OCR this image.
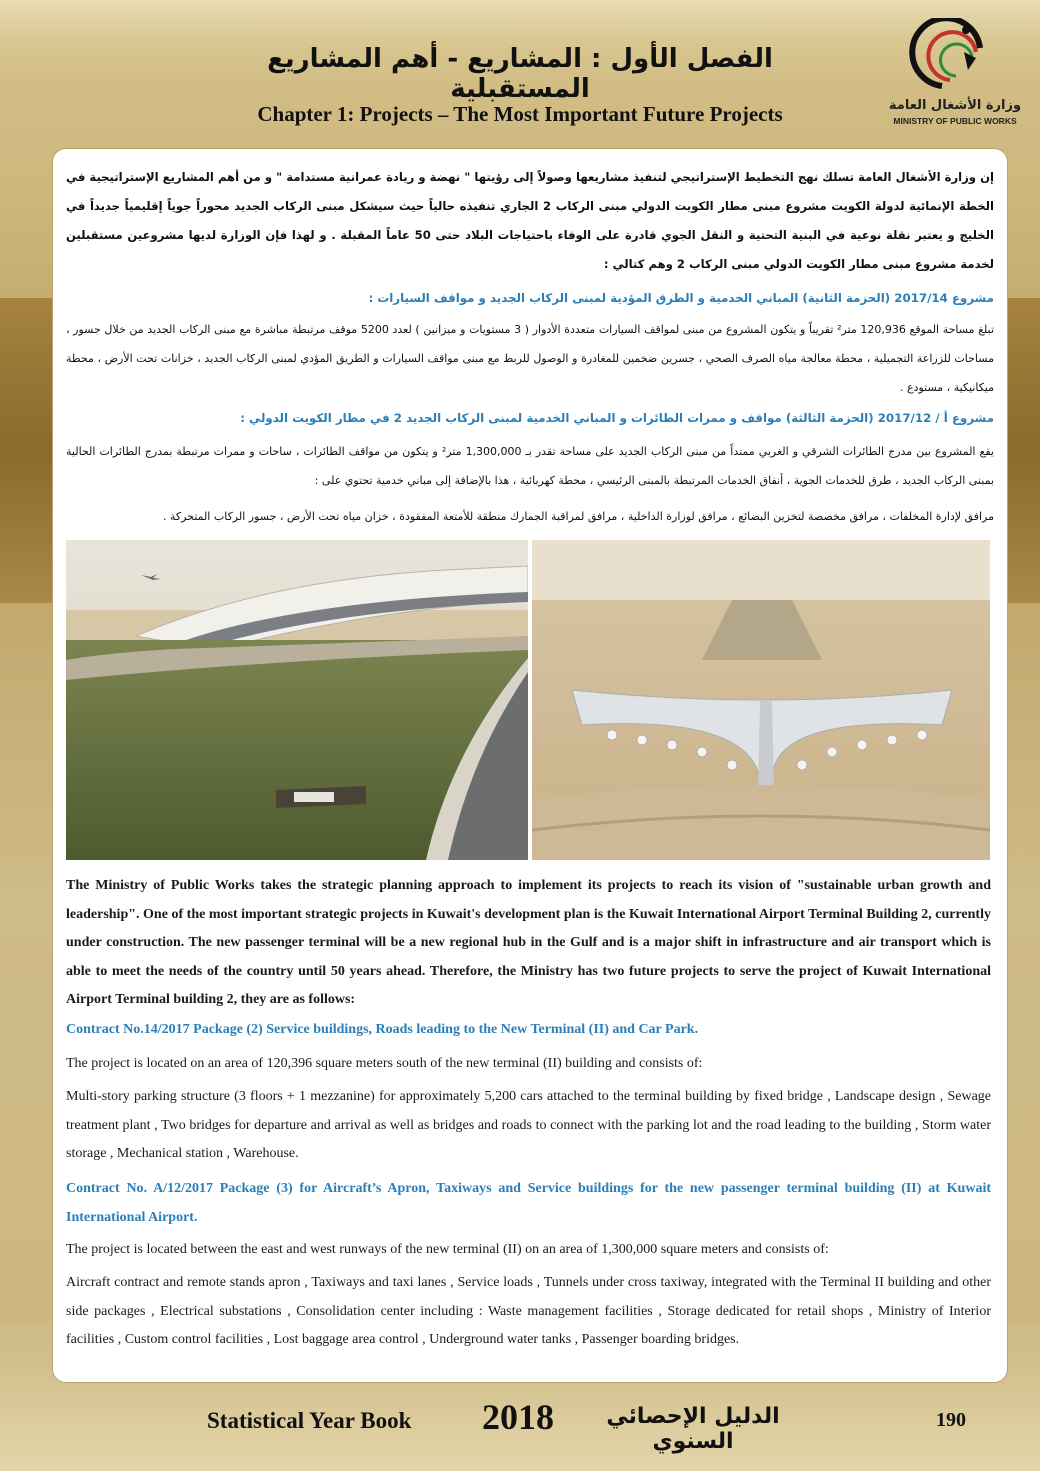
الفصل الأول : المشاريع - أهم المشاريع المستقبلية
Chapter 1: Projects – The Most Important Future Projects	وزارة الأشغال العامة
MINISTRY OF PUBLIC WORKS
إن وزارة الأشغال العامة تسلك نهج التخطيط الإستراتيجي لتنفيذ مشاريعها وصولاً إلى رؤيتها " نهضة و ريادة عمرانية مستدامة " و من أهم المشاريع الإستراتيجية في الخطة الإنمائية لدولة الكويت مشروع مبنى مطار الكويت الدولي مبنى الركاب 2 الجاري تنفيذه حالياً حيث سيشكل مبنى الركاب الجديد محوراً جوياً إقليمياً جديداً في الخليج و يعتبر نقلة نوعية في البنية التحتية و النقل الجوي قادرة على الوفاء باحتياجات البلاد حتى 50 عاماً المقبلة . و لهذا فإن الوزارة لديها مشروعين مستقبلين لخدمة مشروع مبنى مطار الكويت الدولي مبنى الركاب 2 وهم كتالي :
مشروع 2017/14 (الحزمة الثانية) المباني الخدمية و الطرق المؤدية لمبنى الركاب الجديد و مواقف السيارات :
تبلغ مساحة الموقع 120,936 متر² تقريباً و يتكون المشروع من مبنى لمواقف السيارات متعددة الأدوار ( 3 مستويات و ميزانين ) لعدد 5200 موقف مرتبطة مباشرة مع مبنى الركاب الجديد من خلال جسور ، مساحات للزراعة التجميلية ، محطة معالجة مياه الصرف الصحي ، جسرين ضخمين للمغادرة و الوصول للربط مع مبنى مواقف السيارات و الطريق المؤدي لمبنى الركاب الجديد ، خزانات تحت الأرض ، محطة ميكانيكية ، مستودع .
مشروع أ / 2017/12 (الحزمة الثالثة) مواقف و ممرات الطائرات و المباني الخدمية لمبنى الركاب الجديد 2 في مطار الكويت الدولي :
يقع المشروع بين مدرج الطائرات الشرقي و الغربي ممتداً من مبنى الركاب الجديد على مساحة تقدر بـ 1,300,000 متر² و يتكون من مواقف الطائرات ، ساحات و ممرات مرتبطة بمدرج الطائرات الحالية بمبنى الركاب الجديد ، طرق للخدمات الجوية ، أنفاق الخدمات المرتبطة بالمبنى الرئيسي ، محطة كهربائية ، هذا بالإضافة إلى مباني خدمية تحتوي على :
مرافق لإدارة المخلفات ، مرافق مخصصة لتخزين البضائع ، مرافق لوزارة الداخلية ، مرافق لمراقبة الجمارك منطقة للأمتعة المفقودة ، خزان مياه تحت الأرض ، جسور الركاب المتحركة .
The Ministry of Public Works takes the strategic planning approach to implement its projects to reach its vision of "sustainable urban growth and leadership". One of the most important strategic projects in Kuwait's development plan is the Kuwait International Airport Terminal Building 2, currently under construction. The new passenger terminal will be a new regional hub in the Gulf and is a major shift in infrastructure and air transport which is able to meet the needs of the country until 50 years ahead. Therefore, the Ministry has two future projects to serve the project of Kuwait International Airport Terminal building 2, they are as follows:
Contract No.14/2017 Package (2) Service buildings, Roads leading to the New Terminal (II) and Car Park.
The project is located on an area of 120,396 square meters south of the new terminal (II) building and consists of:
Multi-story parking structure (3 floors + 1 mezzanine) for approximately 5,200 cars attached to the terminal building by fixed bridge , Landscape design , Sewage treatment plant , Two bridges for departure and arrival as well as bridges and roads to connect with the parking lot and the road leading to the building , Storm water storage , Mechanical station , Warehouse.
Contract No. A/12/2017 Package (3) for Aircraft’s Apron, Taxiways and Service buildings for the new passenger terminal building (II) at Kuwait International Airport.
The project is located between the east and west runways of the new terminal (II) on an area of 1,300,000 square meters and consists of:
Aircraft contract and remote stands apron , Taxiways and taxi lanes , Service loads , Tunnels under cross taxiway, integrated with the Terminal II building and other side packages , Electrical substations , Consolidation center including : Waste management facilities , Storage dedicated for retail shops , Ministry of Interior facilities , Custom control facilities , Lost baggage area control , Underground water tanks , Passenger boarding bridges.
Statistical Year Book 2018	الدليل الإحصائي السنوي
190
